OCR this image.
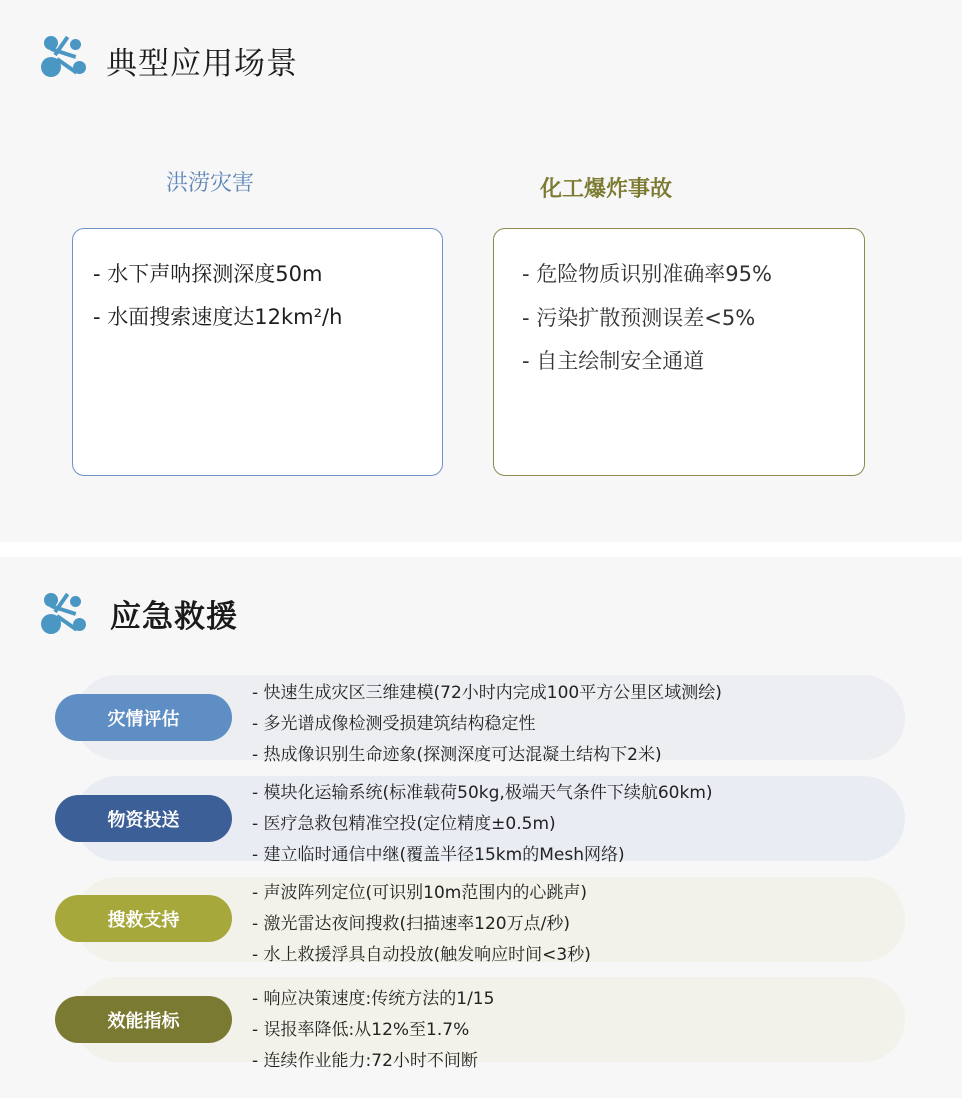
典型应用场景
洪涝灾害	化工爆炸事故
- 水下声呐探测深度50m
- 水面搜索速度达12km²/h
- 危险物质识别准确率95%
- 污染扩散预测误差<5%
- 自主绘制安全通道
应急救援
灾情评估
- 快速生成灾区三维建模(72小时内完成100平方公里区域测绘)
- 多光谱成像检测受损建筑结构稳定性
- 热成像识别生命迹象(探测深度可达混凝土结构下2米)
物资投送
- 模块化运输系统(标准载荷50kg,极端天气条件下续航60km)
- 医疗急救包精准空投(定位精度±0.5m)
- 建立临时通信中继(覆盖半径15km的Mesh网络)
搜救支持
- 声波阵列定位(可识别10m范围内的心跳声)
- 激光雷达夜间搜救(扫描速率120万点/秒)
- 水上救援浮具自动投放(触发响应时间<3秒)
效能指标
- 响应决策速度:传统方法的1/15
- 误报率降低:从12%至1.7%
- 连续作业能力:72小时不间断
